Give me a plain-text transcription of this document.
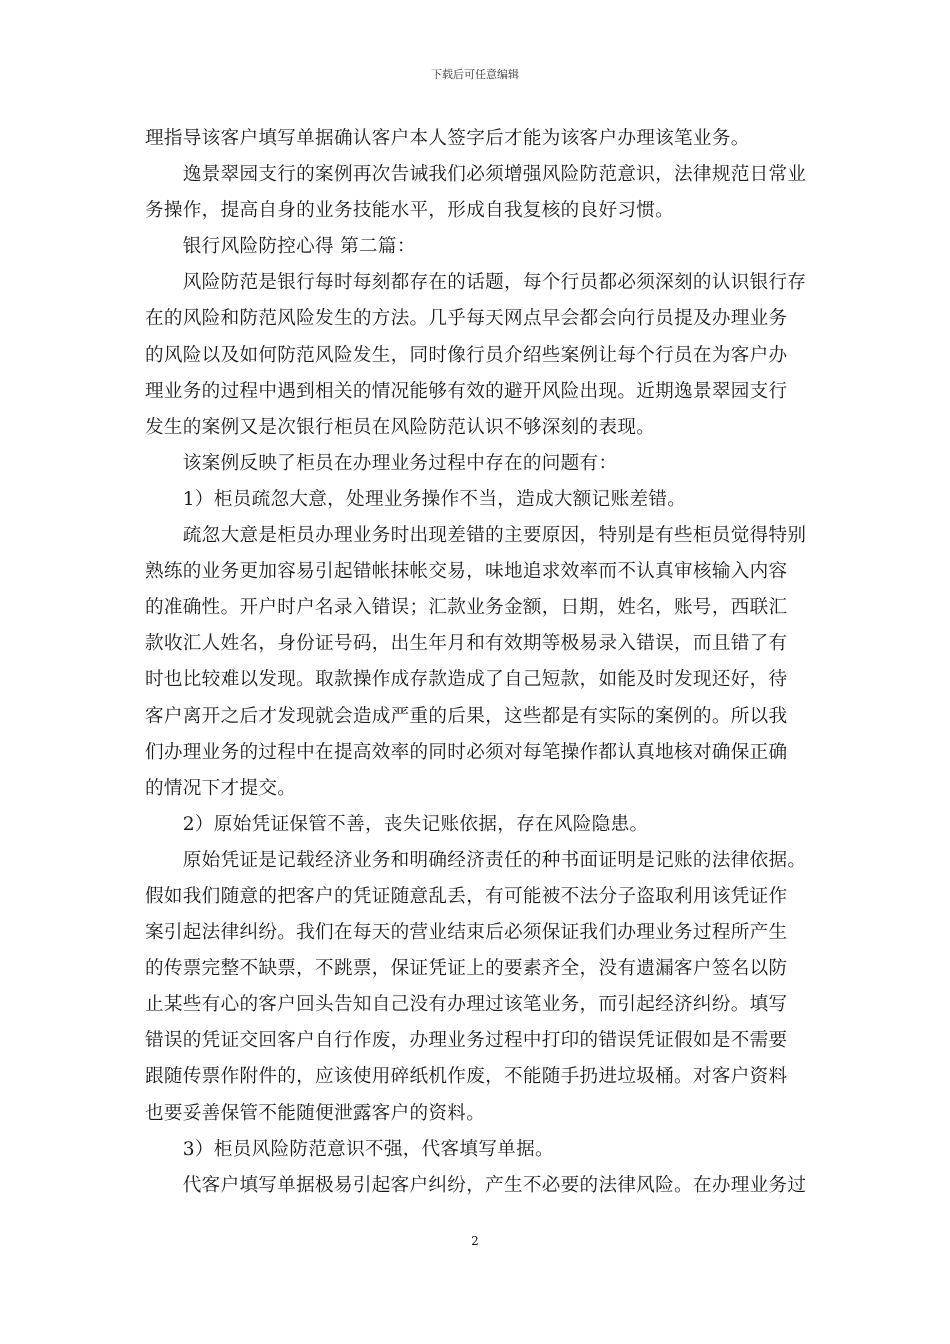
下载后可任意编辑
理指导该客户填写单据确认客户本人签字后才能为该客户办理该笔业务。
　　逸景翠园支行的案例再次告诫我们必须增强风险防范意识，法律规范日常业
务操作，提高自身的业务技能水平，形成自我复核的良好习惯。
　　银行风险防控心得 第二篇：
　　风险防范是银行每时每刻都存在的话题，每个行员都必须深刻的认识银行存
在的风险和防范风险发生的方法。几乎每天网点早会都会向行员提及办理业务
的风险以及如何防范风险发生，同时像行员介绍些案例让每个行员在为客户办
理业务的过程中遇到相关的情况能够有效的避开风险出现。近期逸景翠园支行
发生的案例又是次银行柜员在风险防范认识不够深刻的表现。
　　该案例反映了柜员在办理业务过程中存在的问题有：
　　1）柜员疏忽大意，处理业务操作不当，造成大额记账差错。
　　疏忽大意是柜员办理业务时出现差错的主要原因，特别是有些柜员觉得特别
熟练的业务更加容易引起错帐抹帐交易，味地追求效率而不认真审核输入内容
的准确性。开户时户名录入错误；汇款业务金额，日期，姓名，账号，西联汇
款收汇人姓名，身份证号码，出生年月和有效期等极易录入错误，而且错了有
时也比较难以发现。取款操作成存款造成了自己短款，如能及时发现还好，待
客户离开之后才发现就会造成严重的后果，这些都是有实际的案例的。所以我
们办理业务的过程中在提高效率的同时必须对每笔操作都认真地核对确保正确
的情况下才提交。
　　2）原始凭证保管不善，丧失记账依据，存在风险隐患。
　　原始凭证是记载经济业务和明确经济责任的种书面证明是记账的法律依据。
假如我们随意的把客户的凭证随意乱丢，有可能被不法分子盗取利用该凭证作
案引起法律纠纷。我们在每天的营业结束后必须保证我们办理业务过程所产生
的传票完整不缺票，不跳票，保证凭证上的要素齐全，没有遗漏客户签名以防
止某些有心的客户回头告知自己没有办理过该笔业务，而引起经济纠纷。填写
错误的凭证交回客户自行作废，办理业务过程中打印的错误凭证假如是不需要
跟随传票作附件的，应该使用碎纸机作废，不能随手扔进垃圾桶。对客户资料
也要妥善保管不能随便泄露客户的资料。
　　3）柜员风险防范意识不强，代客填写单据。
　　代客户填写单据极易引起客户纠纷，产生不必要的法律风险。在办理业务过
2
